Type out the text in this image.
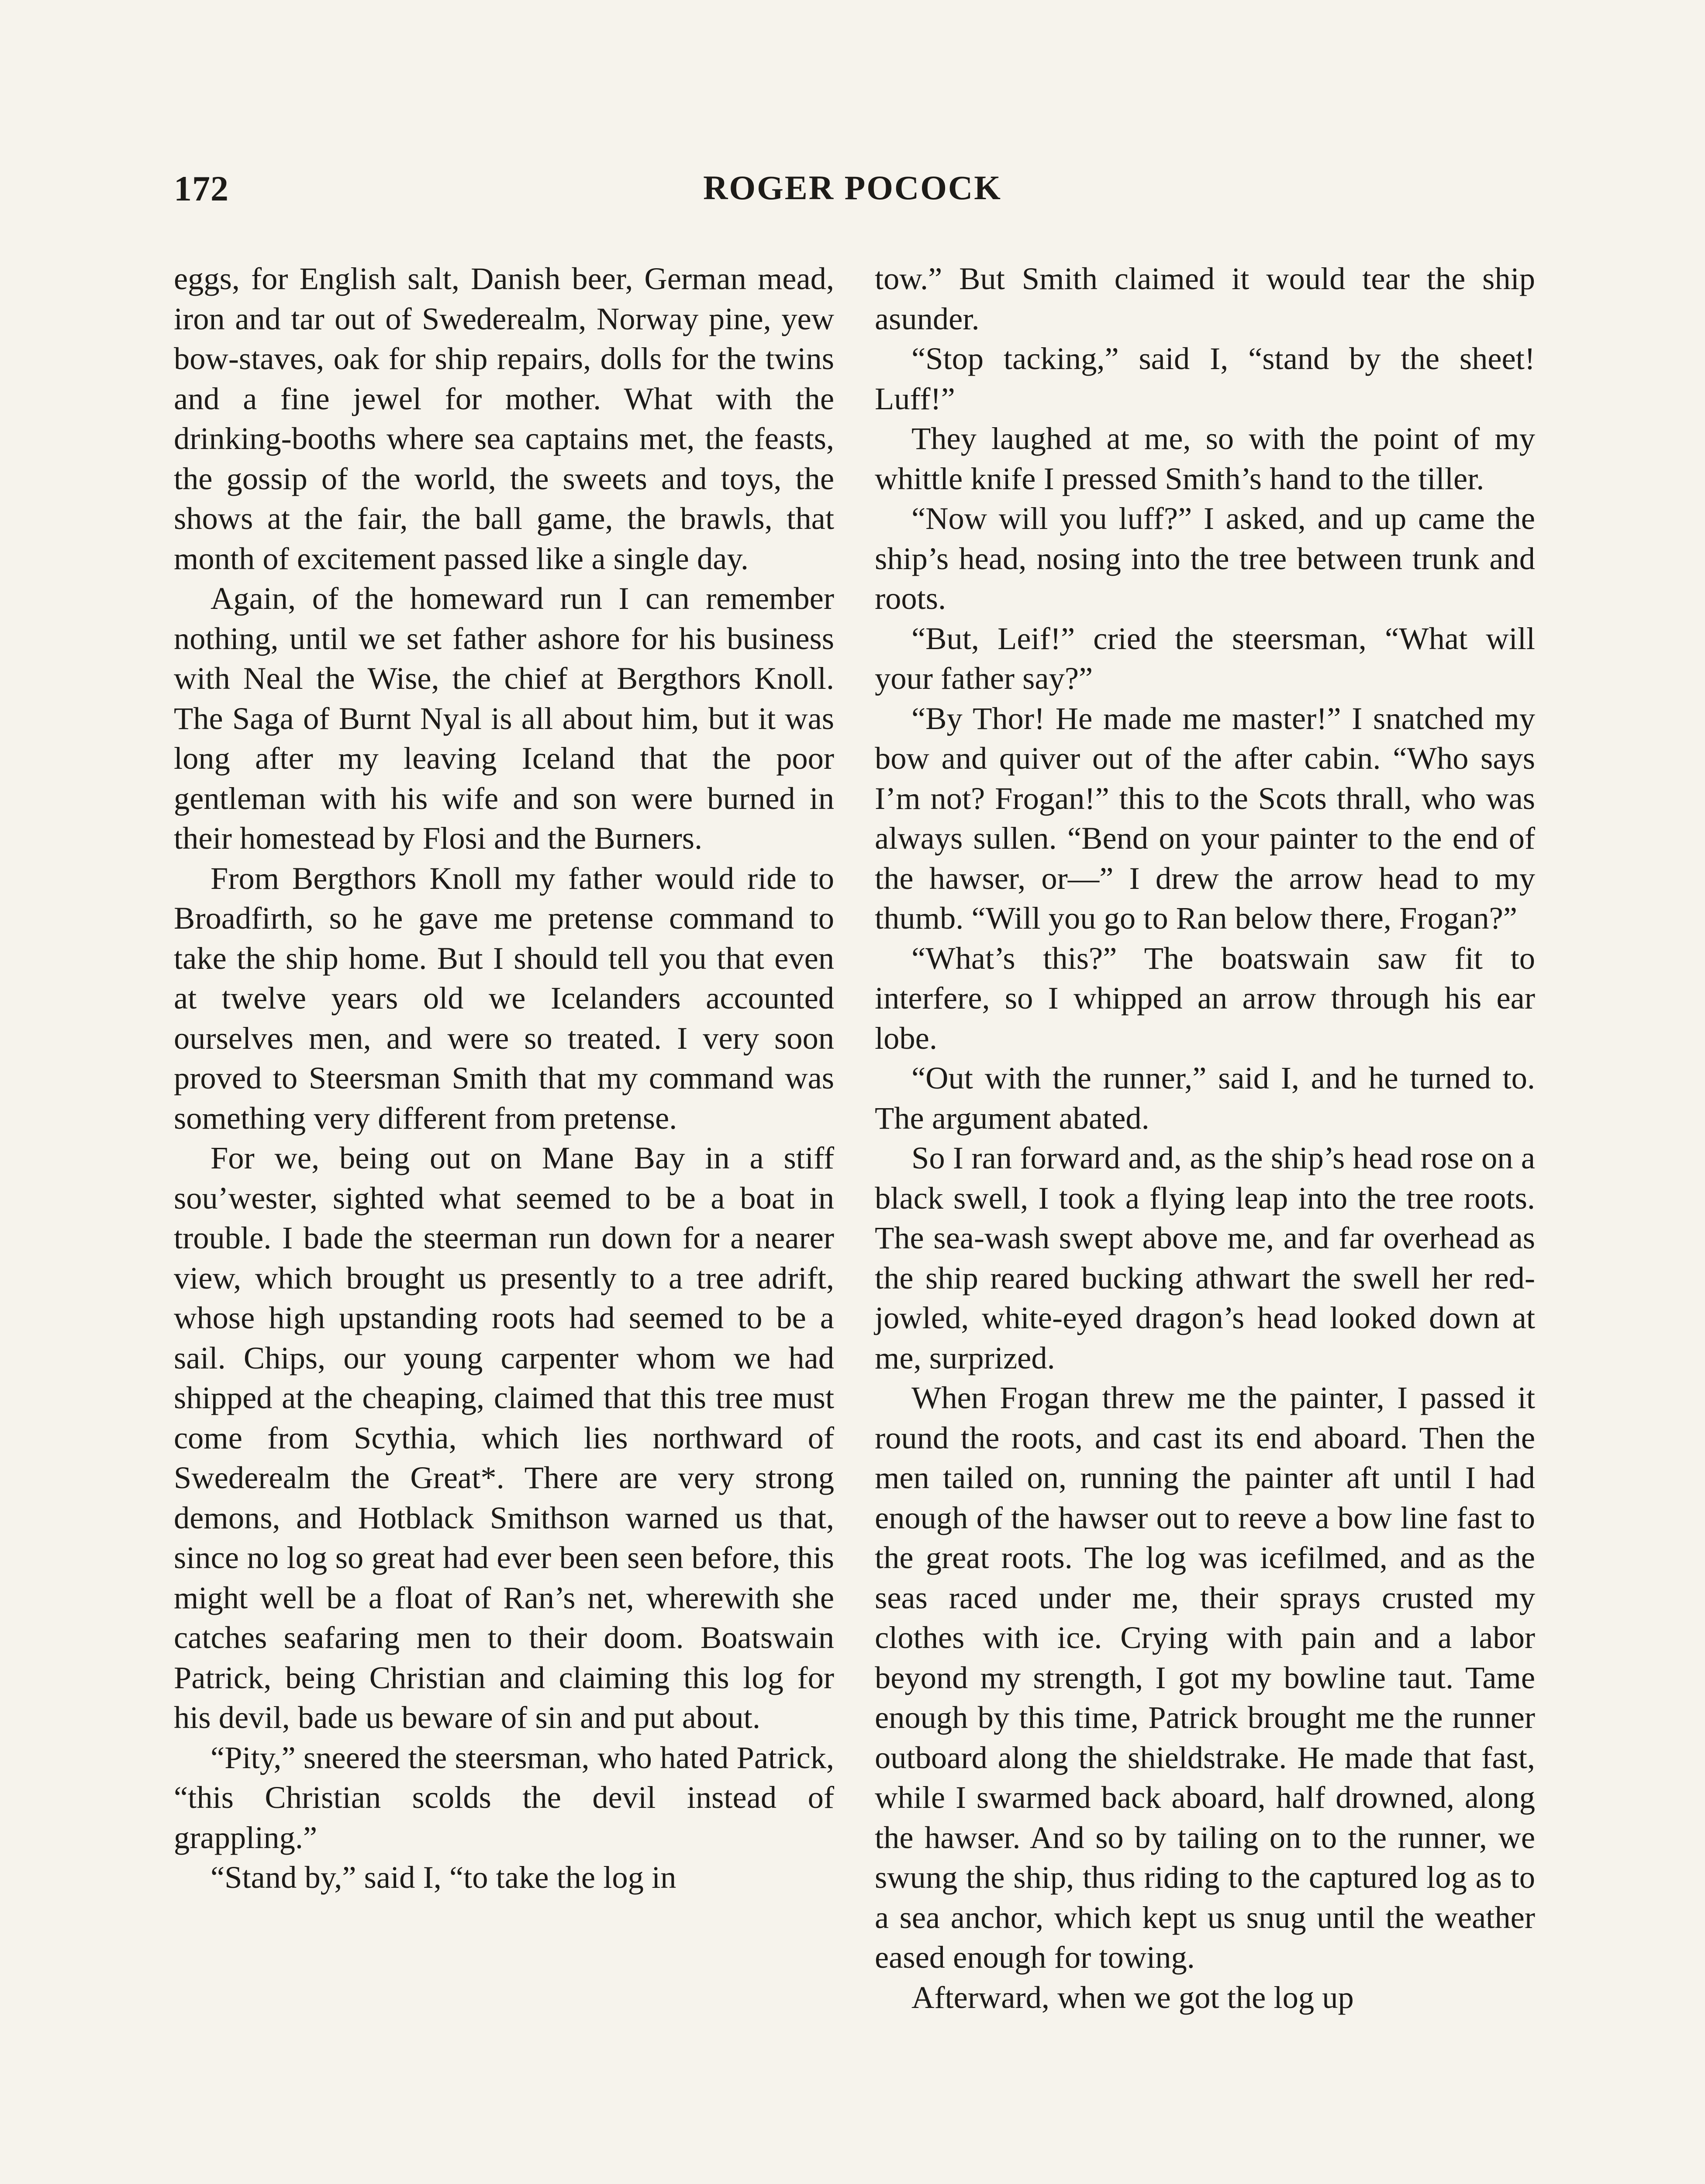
172	ROGER POCOCK

eggs, for English salt, Danish beer, German mead, iron and tar out of Swederealm, Norway pine, yew bow-staves, oak for ship repairs, dolls for the twins and a fine jewel for mother. What with the drinking-booths where sea captains met, the feasts, the gossip of the world, the sweets and toys, the shows at the fair, the ball game, the brawls, that month of excitement passed like a single day.

Again, of the homeward run I can remember nothing, until we set father ashore for his business with Neal the Wise, the chief at Bergthors Knoll. The Saga of Burnt Nyal is all about him, but it was long after my leaving Iceland that the poor gentleman with his wife and son were burned in their homestead by Flosi and the Burners.

From Bergthors Knoll my father would ride to Broadfirth, so he gave me pretense command to take the ship home. But I should tell you that even at twelve years old we Icelanders accounted ourselves men, and were so treated. I very soon proved to Steersman Smith that my command was something very different from pretense.

For we, being out on Mane Bay in a stiff sou’wester, sighted what seemed to be a boat in trouble. I bade the steerman run down for a nearer view, which brought us presently to a tree adrift, whose high upstanding roots had seemed to be a sail. Chips, our young carpenter whom we had shipped at the cheaping, claimed that this tree must come from Scythia, which lies northward of Swederealm the Great*. There are very strong demons, and Hotblack Smithson warned us that, since no log so great had ever been seen before, this might well be a float of Ran’s net, wherewith she catches seafaring men to their doom. Boatswain Patrick, being Christian and claiming this log for his devil, bade us beware of sin and put about.

“Pity,” sneered the steersman, who hated Patrick, “this Christian scolds the devil instead of grappling.”

“Stand by,” said I, “to take the log in

tow.” But Smith claimed it would tear the ship asunder.

“Stop tacking,” said I, “stand by the sheet! Luff!”

They laughed at me, so with the point of my whittle knife I pressed Smith’s hand to the tiller.

“Now will you luff?” I asked, and up came the ship’s head, nosing into the tree between trunk and roots.

“But, Leif!” cried the steersman, “What will your father say?”

“By Thor! He made me master!” I snatched my bow and quiver out of the after cabin. “Who says I’m not? Frogan!” this to the Scots thrall, who was always sullen. “Bend on your painter to the end of the hawser, or—” I drew the arrow head to my thumb. “Will you go to Ran below there, Frogan?”

“What’s this?” The boatswain saw fit to interfere, so I whipped an arrow through his ear lobe.

“Out with the runner,” said I, and he turned to. The argument abated.

So I ran forward and, as the ship’s head rose on a black swell, I took a flying leap into the tree roots. The sea-wash swept above me, and far overhead as the ship reared bucking athwart the swell her red-jowled, white-eyed dragon’s head looked down at me, surprized.

When Frogan threw me the painter, I passed it round the roots, and cast its end aboard. Then the men tailed on, running the painter aft until I had enough of the hawser out to reeve a bow line fast to the great roots. The log was icefilmed, and as the seas raced under me, their sprays crusted my clothes with ice. Crying with pain and a labor beyond my strength, I got my bowline taut. Tame enough by this time, Patrick brought me the runner outboard along the shieldstrake. He made that fast, while I swarmed back aboard, half drowned, along the hawser. And so by tailing on to the runner, we swung the ship, thus riding to the captured log as to a sea anchor, which kept us snug until the weather eased enough for towing.

Afterward, when we got the log up
